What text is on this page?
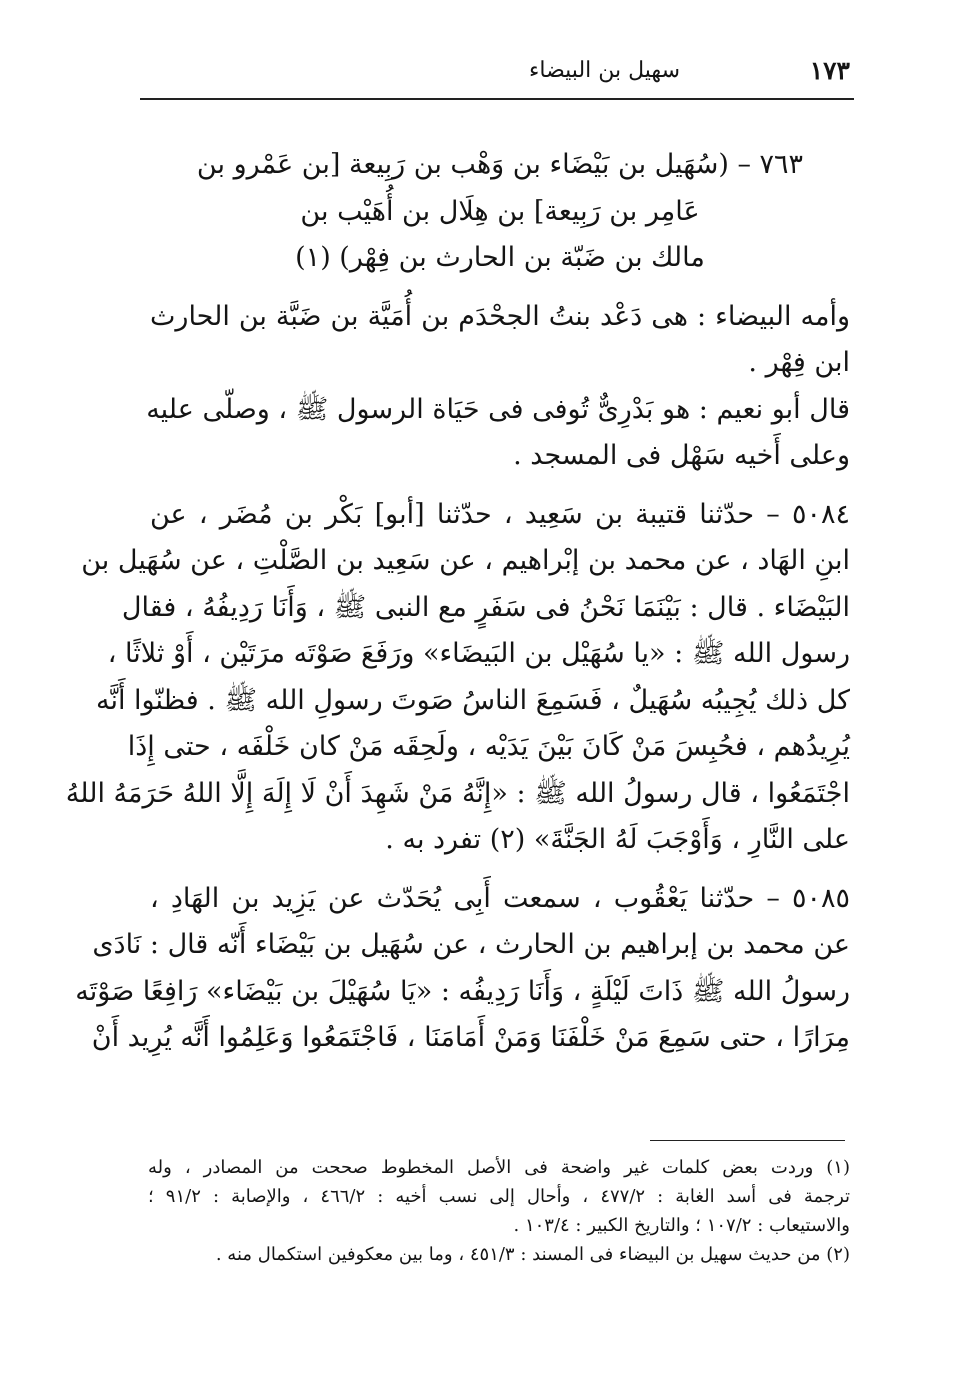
سهيل بن البيضاء	١٧٣
٧٦٣ – (سُهَيل بن بَيْضَاء بن وَهْب بن رَبِيعة [بن عَمْرو بن
عَامِر بن رَبِيعة] بن هِلَال بن أُهَيْب بن
مالك بن ضَبّة بن الحارث بن فِهْر) (١)
وأمه البيضاء : هى دَعْد بنتُ الجحْدَم بن أُمَيَّة بن ضَبَّة بن الحارث
ابن فِهْر .
قال أبو نعيم : هو بَدْرِىٌّ تُوفى فى حَيَاة الرسول ﷺ ، وصلّى عليه
وعلى أَخيه سَهْل فى المسجد .
٥٠٨٤ – حدّثنا قتيبة بن سَعِيد ، حدّثنا [أبو] بَكْر بن مُضَر ، عن
ابنِ الهَاد ، عن محمد بن إبْراهيم ، عن سَعِيد بن الصَّلْتِ ، عن سُهَيل بن
البَيْضَاء . قال : بَيْنَمَا نَحْنُ فى سَفَرٍ مع النبى ﷺ ، وَأَنَا رَدِيفُهُ ، فقال
رسول الله ﷺ : «يا سُهَيْل بن البَيضَاء» ورَفَعَ صَوْتَه مرَتَيْن ، أَوْ ثلاثًا ،
كل ذلك يُجِيبُه سُهَيلٌ ، فَسَمِعَ الناسُ صَوتَ رسولِ الله ﷺ . فظنّوا أَنَّه
يُرِيدُهم ، فحُبِسَ مَنْ كَانَ بَيْنَ يَدَيْه ، ولَحِقَه مَنْ كان خَلْفَه ، حتى إِذَا
اجْتَمَعُوا ، قال رسولُ الله ﷺ : «إِنَّهُ مَنْ شَهِدَ أَنْ لَا إِلَهَ إِلَّا اللهُ حَرَمَهُ اللهُ
على النَّارِ ، وَأَوْجَبَ لَهُ الجَنَّةَ» (٢) تفرد به .
٥٠٨٥ – حدّثنا يَعْقُوب ، سمعت أَبِى يُحَدّث عن يَزِيد بن الهَادِ ،
عن محمد بن إبراهيم بن الحارث ، عن سُهَيل بن بَيْضَاء أَنّه قال : نَادَى
رسولُ الله ﷺ ذَاتَ لَيْلَةٍ ، وَأَنَا رَدِيفُه : «يَا سُهَيْلَ بن بَيْضَاء» رَافِعًا صَوْتَه
مِرَارًا ، حتى سَمِعَ مَنْ خَلْفَنَا وَمَنْ أَمَامَنَا ، فَاجْتَمَعُوا وَعَلِمُوا أَنَّه يُرِيد أَنْ
(١) وردت بعض كلمات غير واضحة فى الأصل المخطوط صححت من المصادر ، وله
ترجمة فى أسد الغابة : ٤٧٧/٢ ، وأحال إلى نسب أخيه : ٤٦٦/٢ ، والإصابة : ٩١/٢ ؛
والاستيعاب : ١٠٧/٢ ؛ والتاريخ الكبير : ١٠٣/٤ .
(٢) من حديث سهيل بن البيضاء فى المسند : ٤٥١/٣ ، وما بين معكوفين استكمال منه .
